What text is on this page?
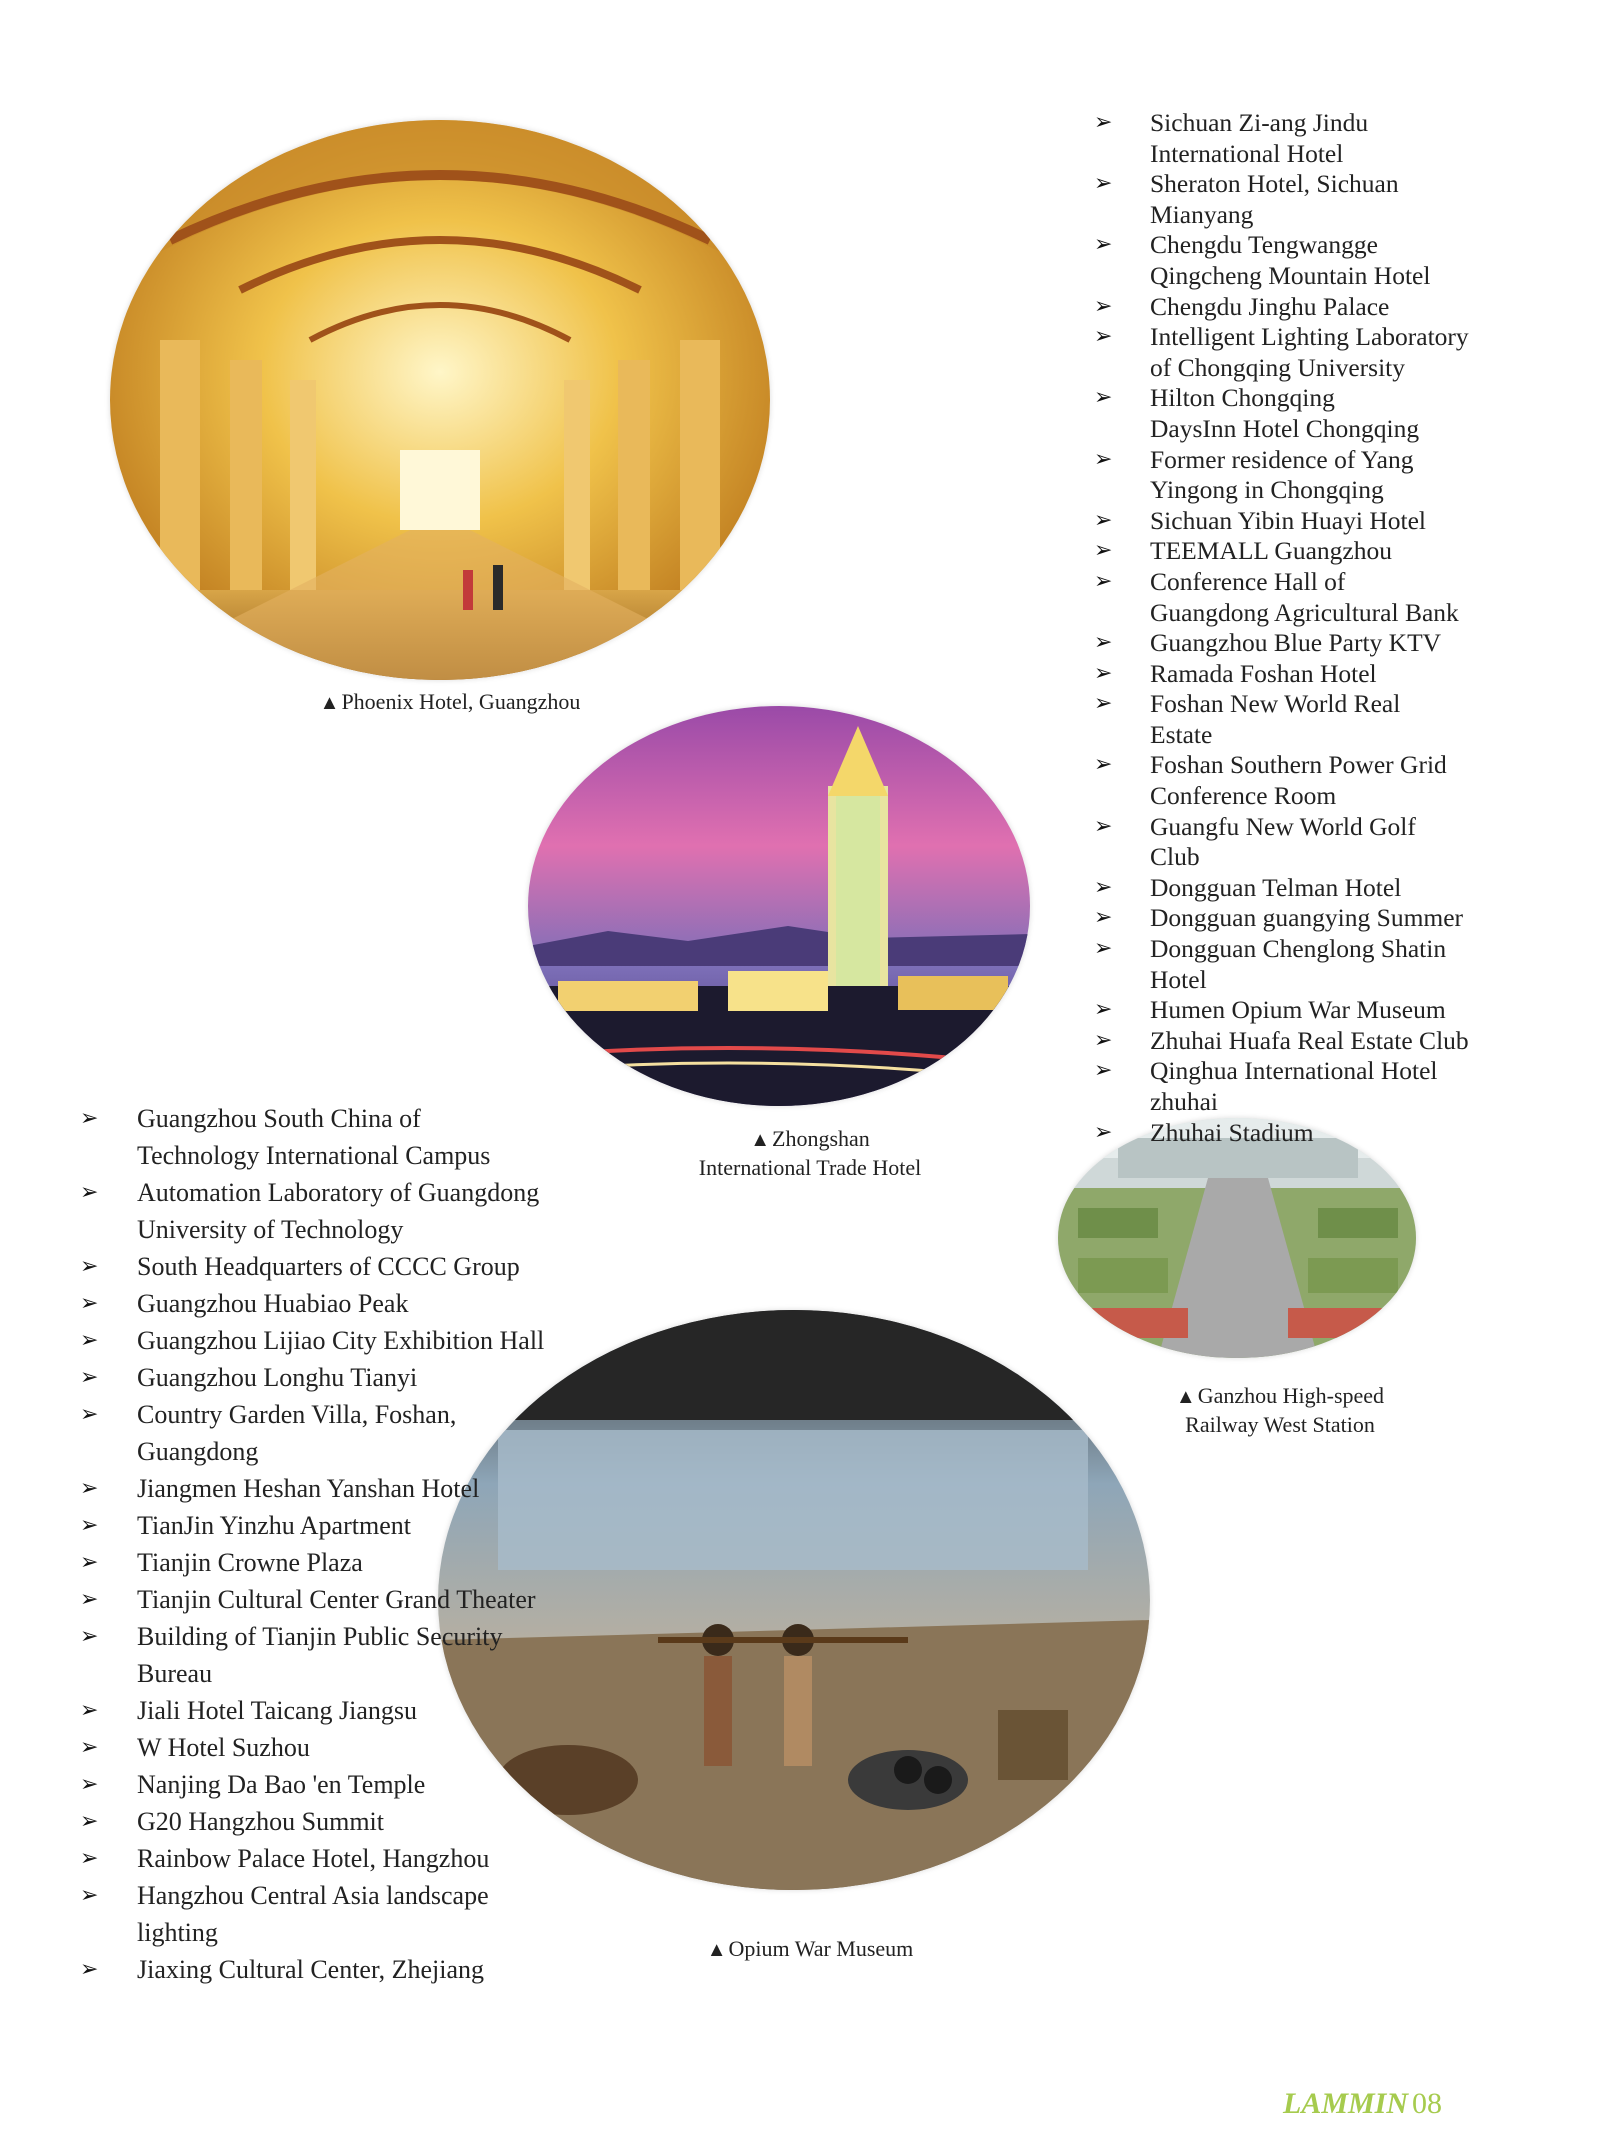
▲Phoenix Hotel, Guangzhou
▲Zhongshan
International Trade Hotel
▲Ganzhou High-speed
Railway West Station
▲Opium War Museum
➢ Sichuan Zi-ang Jindu
International Hotel
➢ Sheraton Hotel, Sichuan
Mianyang
➢ Chengdu Tengwangge
Qingcheng Mountain Hotel
➢ Chengdu Jinghu Palace
➢ Intelligent Lighting Laboratory
of Chongqing University
➢ Hilton Chongqing
DaysInn Hotel Chongqing
➢ Former residence of Yang
Yingong in Chongqing
➢ Sichuan Yibin Huayi Hotel
➢ TEEMALL Guangzhou
➢ Conference Hall of
Guangdong Agricultural Bank
➢ Guangzhou Blue Party KTV
➢ Ramada Foshan Hotel
➢ Foshan New World Real
Estate
➢ Foshan Southern Power Grid
Conference Room
➢ Guangfu New World Golf
Club
➢ Dongguan Telman Hotel
➢ Dongguan guangying Summer
➢ Dongguan Chenglong Shatin
Hotel
➢ Humen Opium War Museum
➢ Zhuhai Huafa Real Estate Club
➢ Qinghua International Hotel
zhuhai
➢ Zhuhai Stadium
➢ Guangzhou South China of
Technology International Campus
➢ Automation Laboratory of Guangdong
University of Technology
➢ South Headquarters of CCCC Group
➢ Guangzhou Huabiao Peak
➢ Guangzhou Lijiao City Exhibition Hall
➢ Guangzhou Longhu Tianyi
➢ Country Garden Villa, Foshan,
Guangdong
➢ Jiangmen Heshan Yanshan Hotel
➢ TianJin Yinzhu Apartment
➢ Tianjin Crowne Plaza
➢ Tianjin Cultural Center Grand Theater
➢ Building of Tianjin Public Security
Bureau
➢ Jiali Hotel Taicang Jiangsu
➢ W Hotel Suzhou
➢ Nanjing Da Bao 'en Temple
➢ G20 Hangzhou Summit
➢ Rainbow Palace Hotel, Hangzhou
➢ Hangzhou Central Asia landscape
lighting
➢ Jiaxing Cultural Center, Zhejiang
LAMMIN 08
